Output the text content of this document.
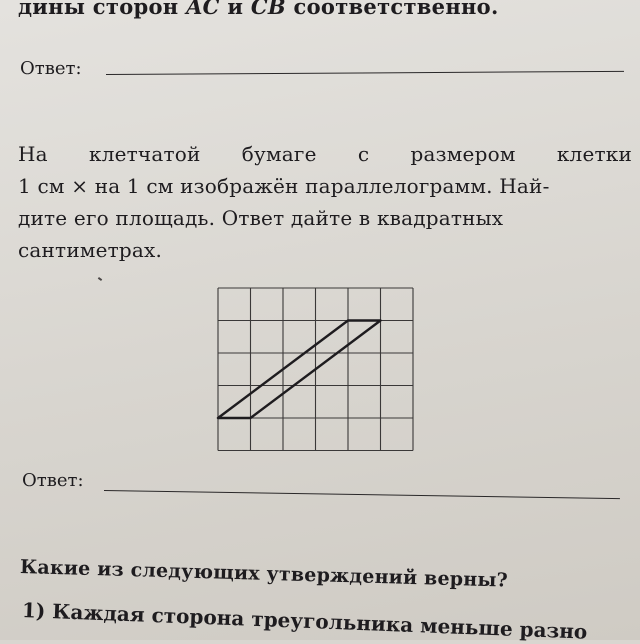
дины сторон AC и CB соответственно.
Ответ:
На клетчатой бумаге с размером клетки
1 см × на 1 см изображён параллелограмм. Най-
дите его площадь. Ответ дайте в квадратных
сантиметрах.
Ответ:
Какие из следующих утверждений верны?
1) Каждая сторона треугольника меньше разно
